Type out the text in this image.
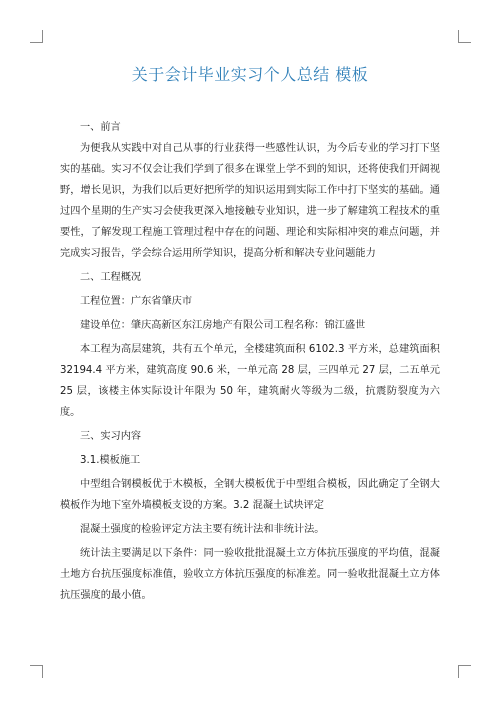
关于会计毕业实习个人总结 模板

一、前言

为便我从实践中对自己从事的行业获得一些感性认识，为今后专业的学习打下坚实的基础。实习不仅会让我们学到了很多在课堂上学不到的知识，还将使我们开阔视野，增长见识，为我们以后更好把所学的知识运用到实际工作中打下坚实的基础。通过四个星期的生产实习会使我更深入地接触专业知识，进一步了解建筑工程技术的重要性，了解发现工程施工管理过程中存在的问题、理论和实际相冲突的难点问题，并完成实习报告，学会综合运用所学知识，提高分析和解决专业问题能力

二、工程概况

工程位置：广东省肇庆市

建设单位：肇庆高新区东江房地产有限公司工程名称：锦江盛世

本工程为高层建筑，共有五个单元，全楼建筑面积 6102.3 平方米，总建筑面积 32194.4 平方米，建筑高度 90.6 米，一单元高 28 层，三四单元 27 层，二五单元 25 层，该楼主体实际设计年限为 50 年，建筑耐火等级为二级，抗震防裂度为六度。

三、实习内容

3.1.模板施工

中型组合钢模板优于木模板，全钢大模板优于中型组合模板，因此确定了全钢大模板作为地下室外墙模板支设的方案。3.2 混凝土试块评定

混凝土强度的检验评定方法主要有统计法和非统计法。

统计法主要满足以下条件：同一验收批批混凝土立方体抗压强度的平均值，混凝土地方台抗压强度标准值，验收立方体抗压强度的标准差。同一验收批混凝土立方体抗压强度的最小值。
